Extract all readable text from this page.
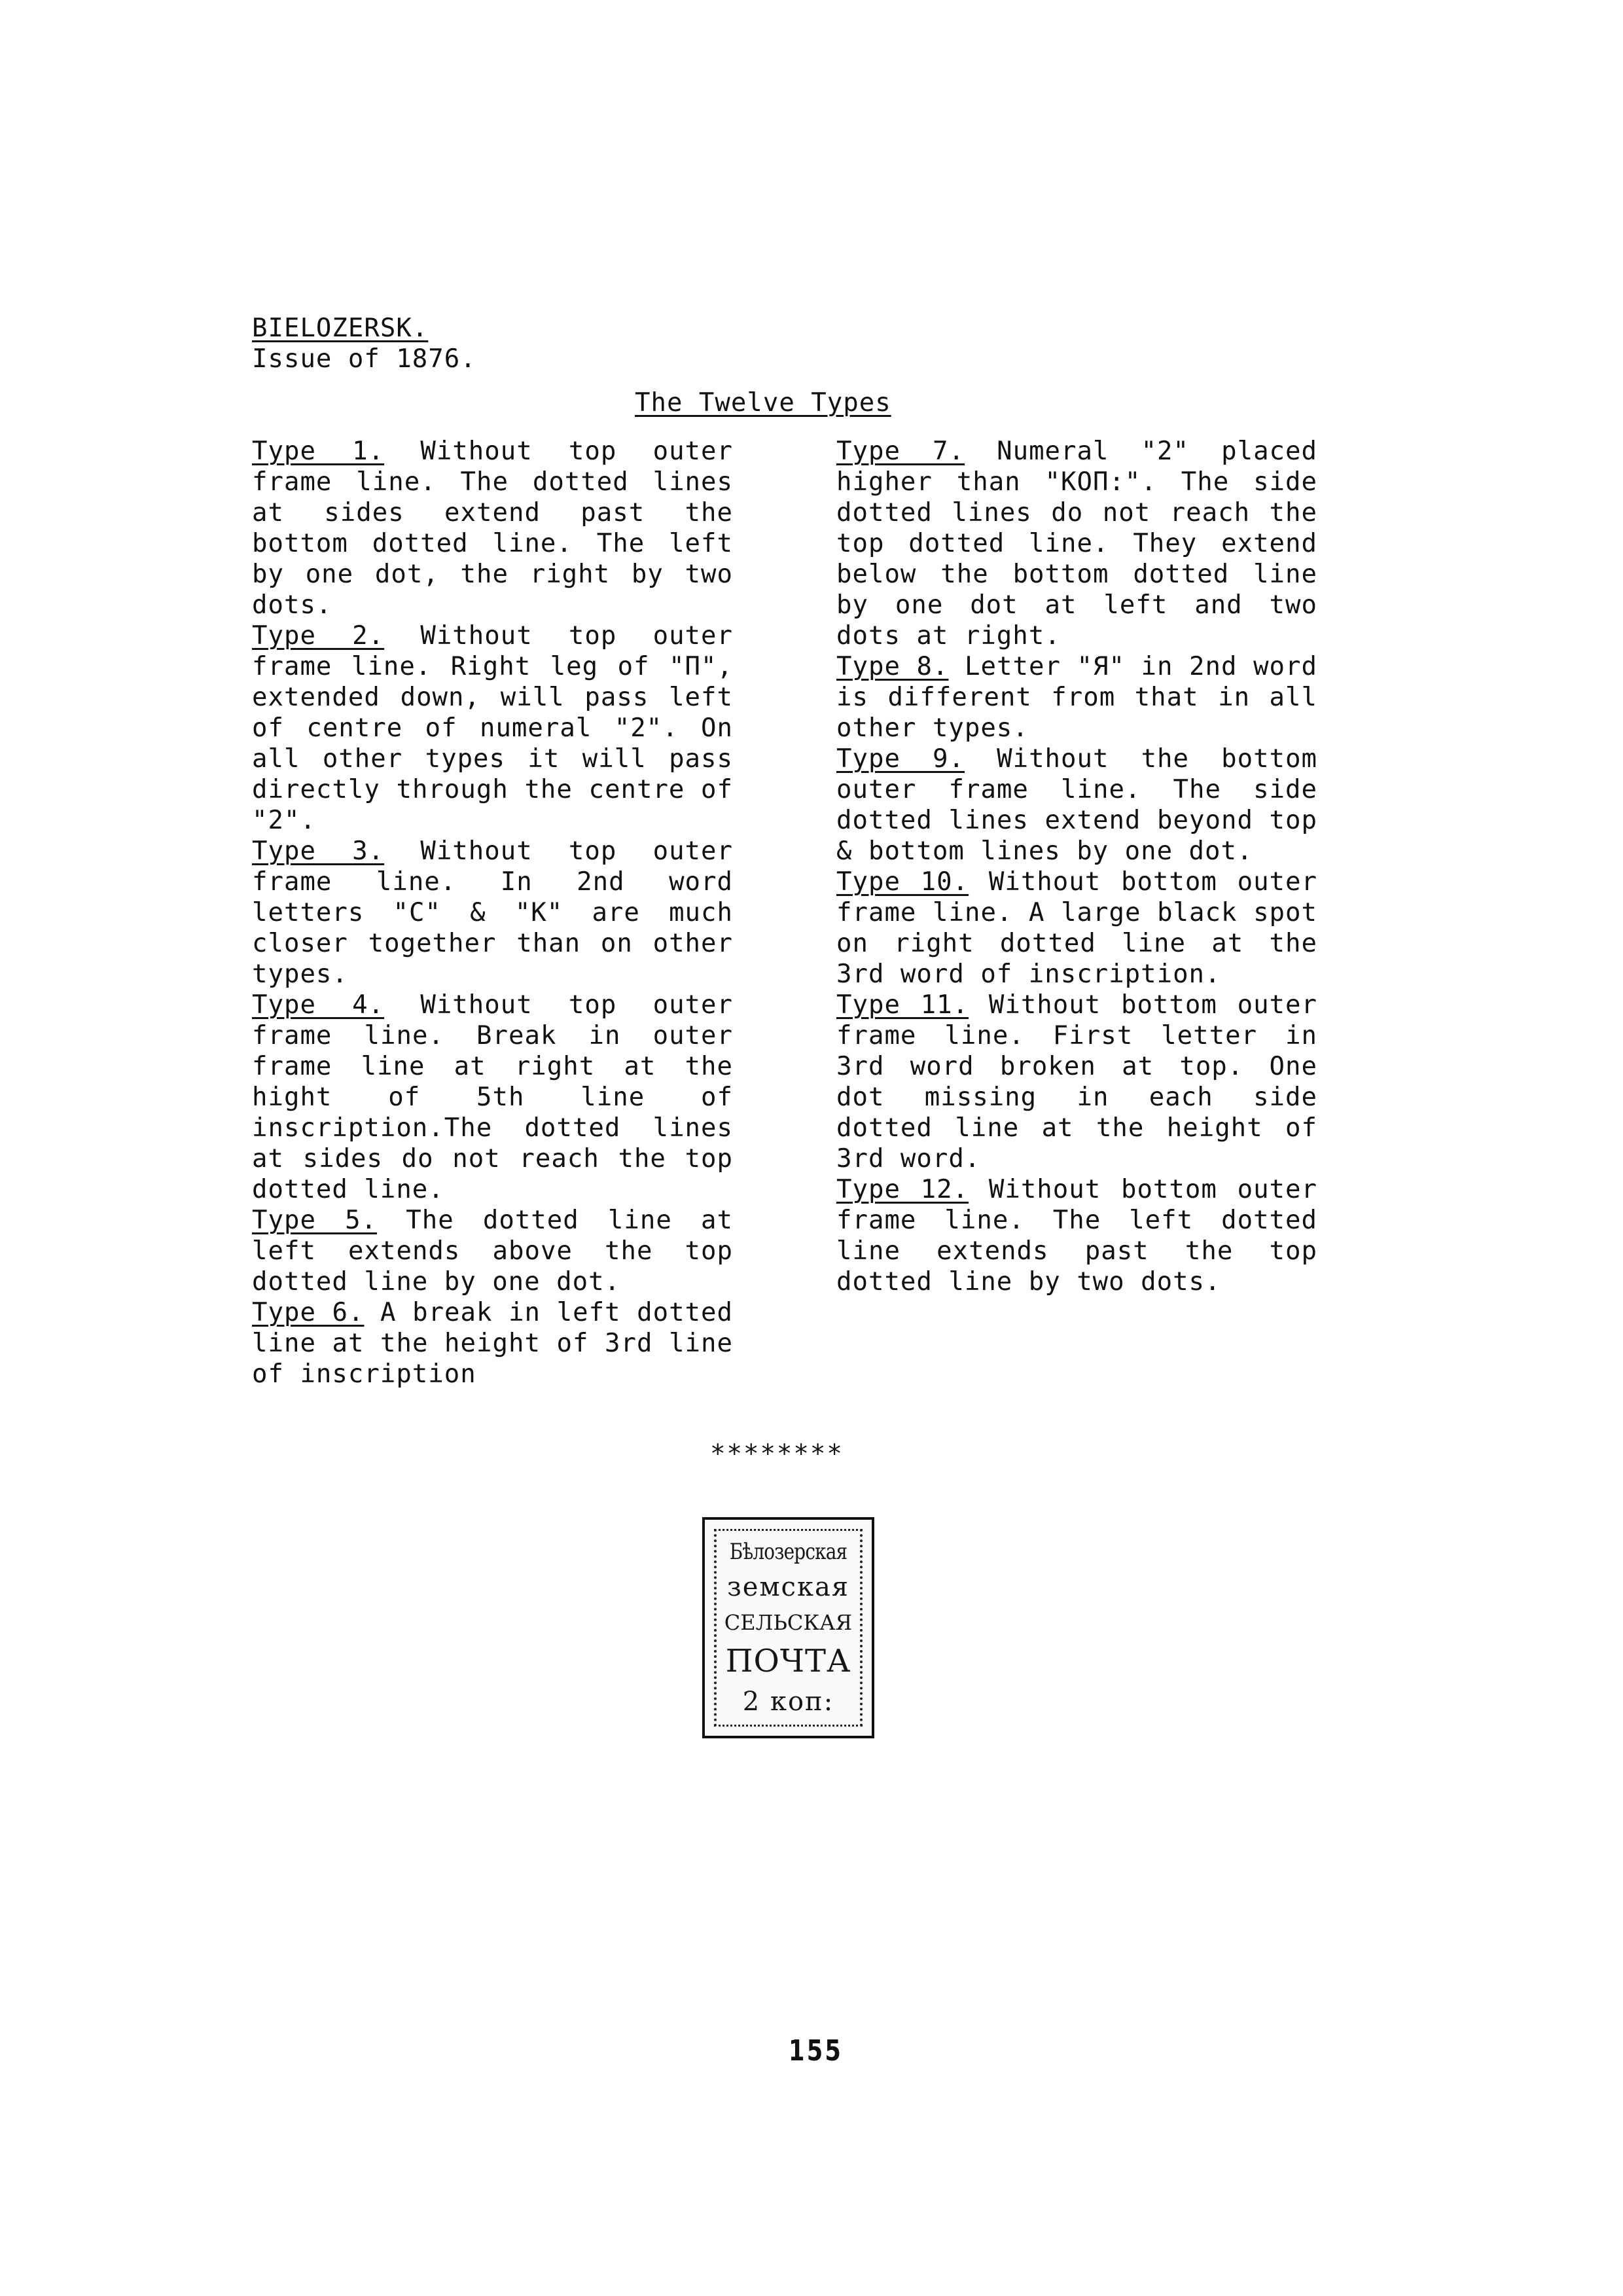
BIELOZERSK.
Issue of 1876.
The Twelve Types

Type 1. Without top outer frame line. The dotted lines at sides extend past the bottom dotted line. The left by one dot, the right by two dots.

Type 2. Without top outer frame line. Right leg of "П", extended down, will pass left of centre of numeral "2". On all other types it will pass directly through the centre of "2".

Type 3. Without top outer frame line. In 2nd word letters "C" & "K" are much closer together than on other types.

Type 4. Without top outer frame line. Break in outer frame line at right at the hight of 5th line of inscription.The dotted lines at sides do not reach the top dotted line.

Type 5. The dotted line at left extends above the top dotted line by one dot.

Type 6. A break in left dotted line at the height of 3rd line of inscription

Type 7. Numeral "2" placed higher than "КОП:". The side dotted lines do not reach the top dotted line. They extend below the bottom dotted line by one dot at left and two dots at right.

Type 8. Letter "Я" in 2nd word is different from that in all other types.

Type 9. Without the bottom outer frame line. The side dotted lines extend beyond top & bottom lines by one dot.

Type 10. Without bottom outer frame line. A large black spot on right dotted line at the 3rd word of inscription.

Type 11. Without bottom outer frame line. First letter in 3rd word broken at top. One dot missing in each side dotted line at the height of 3rd word.

Type 12. Without bottom outer frame line. The left dotted line extends past the top dotted line by two dots.

********
Бѣлозерская
земская
СЕЛЬСКАЯ
ПОЧТА
2 коп:
155
